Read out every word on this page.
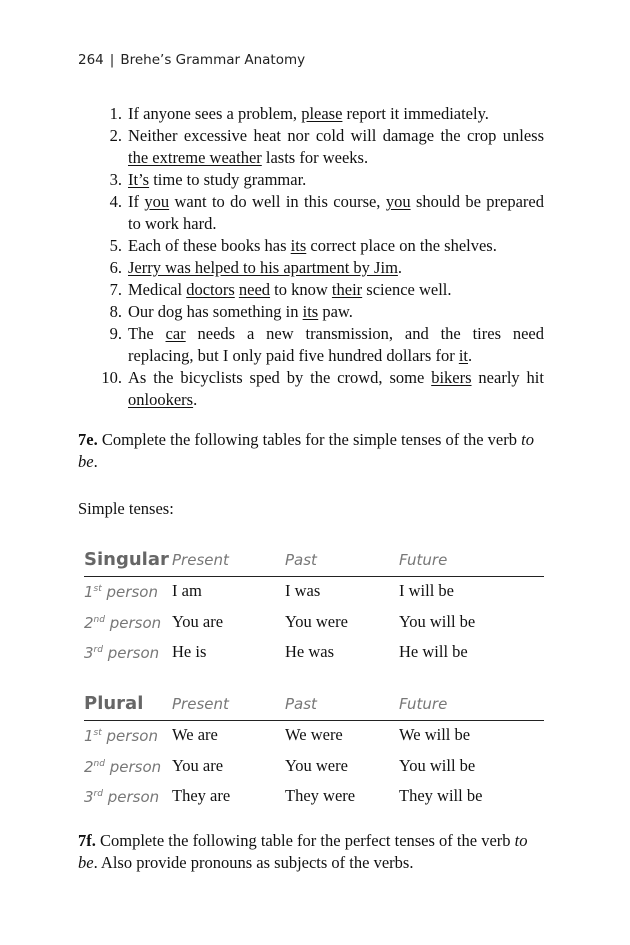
264 | Brehe’s Grammar Anatomy
1. If anyone sees a problem, please report it immediately.
2. Neither excessive heat nor cold will damage the crop unless the extreme weather lasts for weeks.
3. It’s time to study grammar.
4. If you want to do well in this course, you should be prepared to work hard.
5. Each of these books has its correct place on the shelves.
6. Jerry was helped to his apartment by Jim.
7. Medical doctors need to know their science well.
8. Our dog has something in its paw.
9. The car needs a new transmission, and the tires need replacing, but I only paid five hundred dollars for it.
10. As the bicyclists sped by the crowd, some bikers nearly hit onlookers.
7e. Complete the following tables for the simple tenses of the verb to be.
Simple tenses:
Singular Present	Past	Future
1st person I am	I was	I will be
2nd person You are	You were	You will be
3rd person He is	He was	He will be
Plural Present	Past	Future
1st person We are	We were	We will be
2nd person You are	You were	You will be
3rd person They are	They were	They will be
7f. Complete the following table for the perfect tenses of the verb to be. Also provide pronouns as subjects of the verbs.
